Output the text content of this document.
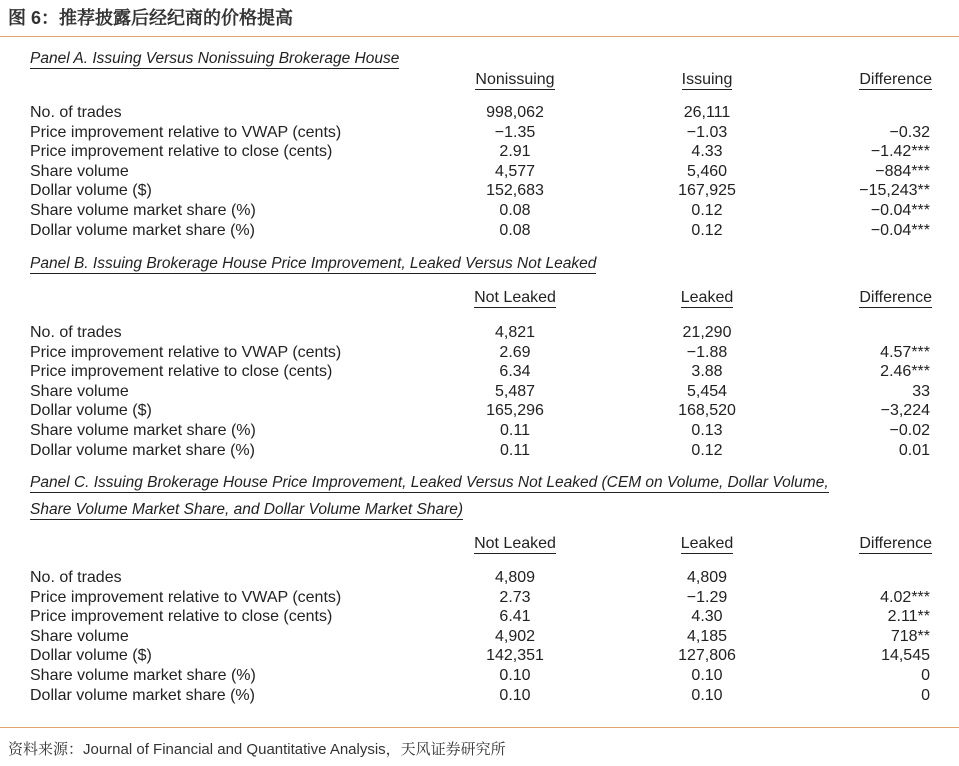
图 6：推荐披露后经纪商的价格提高
Panel A. Issuing Versus Nonissuing Brokerage House
Nonissuing	Issuing	Difference
No. of trades	998,062	26,111
Price improvement relative to VWAP (cents)	−1.35	−1.03	−0.32
Price improvement relative to close (cents)	2.91	4.33	−1.42***
Share volume	4,577	5,460	−884***
Dollar volume ($)	152,683	167,925	−15,243**
Share volume market share (%)	0.08	0.12	−0.04***
Dollar volume market share (%)	0.08	0.12	−0.04***
Panel B. Issuing Brokerage House Price Improvement, Leaked Versus Not Leaked
Not Leaked	Leaked	Difference
No. of trades	4,821	21,290
Price improvement relative to VWAP (cents)	2.69	−1.88	4.57***
Price improvement relative to close (cents)	6.34	3.88	2.46***
Share volume	5,487	5,454	33
Dollar volume ($)	165,296	168,520	−3,224
Share volume market share (%)	0.11	0.13	−0.02
Dollar volume market share (%)	0.11	0.12	0.01
Panel C. Issuing Brokerage House Price Improvement, Leaked Versus Not Leaked (CEM on Volume, Dollar Volume,
Share Volume Market Share, and Dollar Volume Market Share)
Not Leaked	Leaked	Difference
No. of trades	4,809	4,809
Price improvement relative to VWAP (cents)	2.73	−1.29	4.02***
Price improvement relative to close (cents)	6.41	4.30	2.11**
Share volume	4,902	4,185	718**
Dollar volume ($)	142,351	127,806	14,545
Share volume market share (%)	0.10	0.10	0
Dollar volume market share (%)	0.10	0.10	0
资料来源：Journal of Financial and Quantitative Analysis，天风证券研究所
